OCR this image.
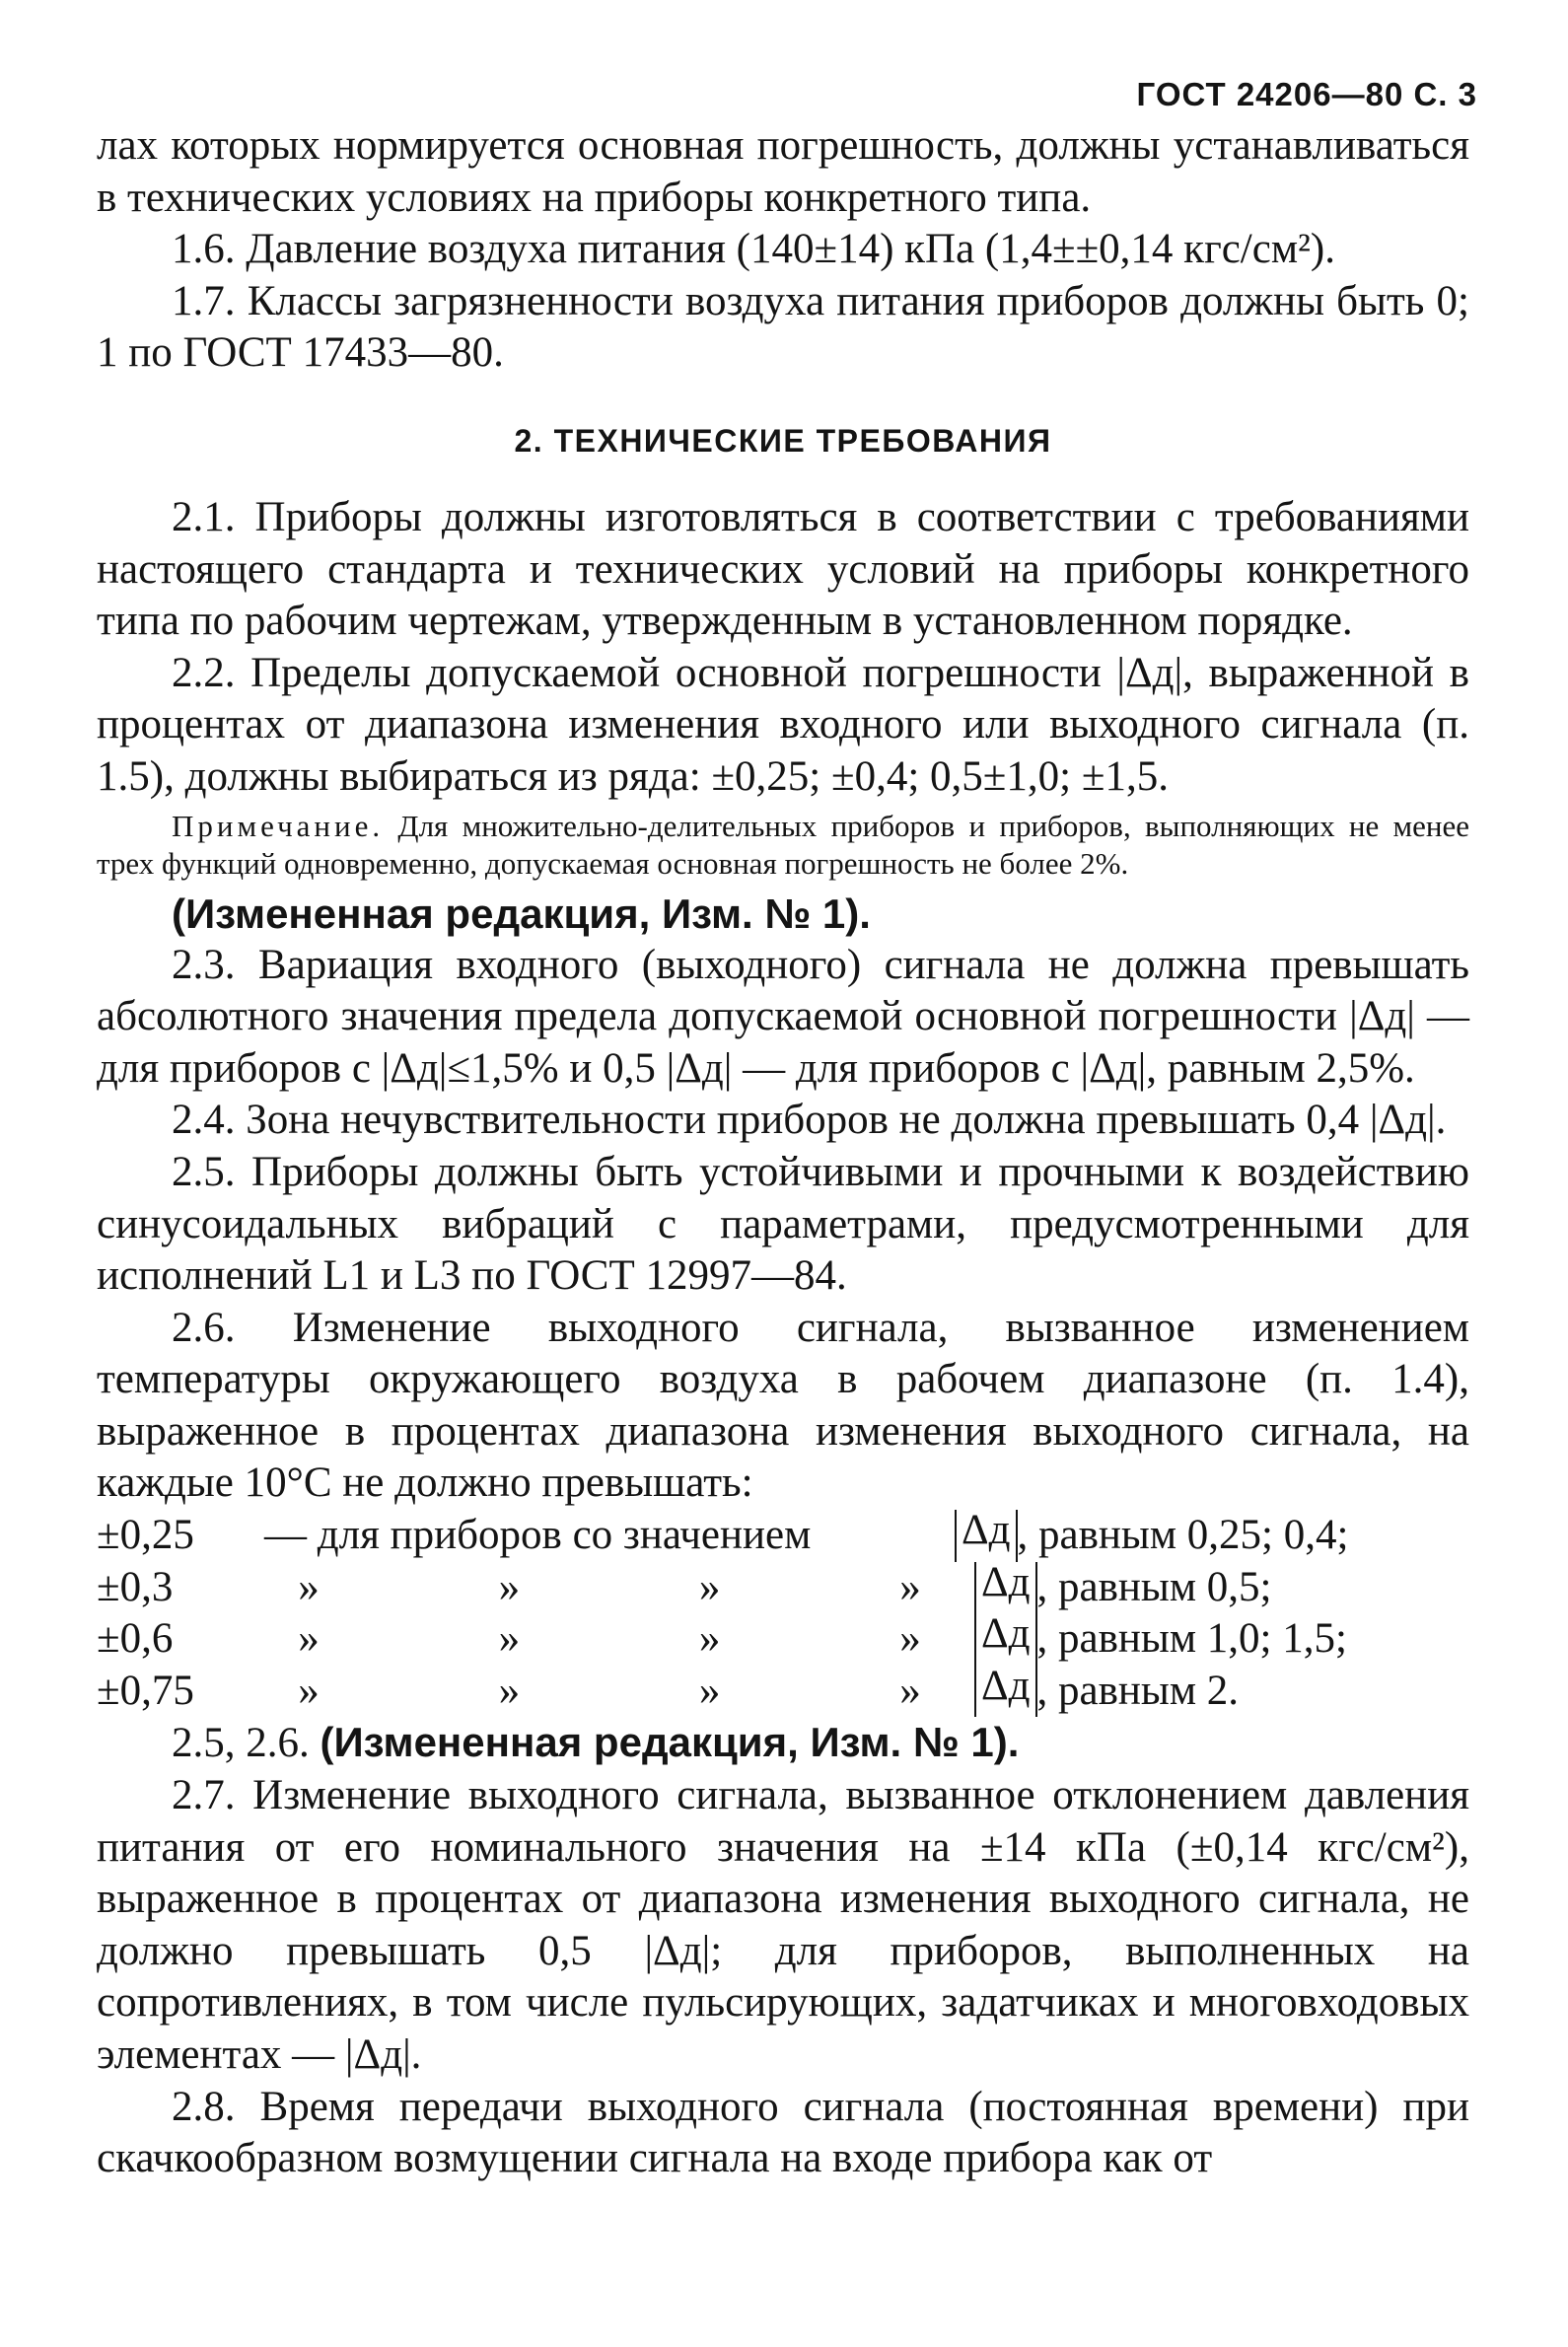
ГОСТ 24206—80 С. 3

лах которых нормируется основная погрешность, должны устанавливаться в технических условиях на приборы конкретного типа.

1.6. Давление воздуха питания (140±14) кПа (1,4±±0,14 кгс/см²).

1.7. Классы загрязненности воздуха питания приборов должны быть 0; 1 по ГОСТ 17433—80.

2. ТЕХНИЧЕСКИЕ ТРЕБОВАНИЯ

2.1. Приборы должны изготовляться в соответствии с требованиями настоящего стандарта и технических условий на приборы конкретного типа по рабочим чертежам, утвержденным в установленном порядке.

2.2. Пределы допускаемой основной погрешности |Δд|, выраженной в процентах от диапазона изменения входного или выходного сигнала (п. 1.5), должны выбираться из ряда: ±0,25; ±0,4; 0,5±1,0; ±1,5.

Примечание. Для множительно-делительных приборов и приборов, выполняющих не менее трех функций одновременно, допускаемая основная погрешность не более 2%.
(Измененная редакция, Изм. № 1).

2.3. Вариация входного (выходного) сигнала не должна превышать абсолютного значения предела допускаемой основной погрешности |Δд| — для приборов с |Δд|≤1,5% и 0,5 |Δд| — для приборов с |Δд|, равным 2,5%.

2.4. Зона нечувствительности приборов не должна превышать 0,4 |Δд|.

2.5. Приборы должны быть устойчивыми и прочными к воздействию синусоидальных вибраций с параметрами, предусмотренными для исполнений L1 и L3 по ГОСТ 12997—84.

2.6. Изменение выходного сигнала, вызванное изменением температуры окружающего воздуха в рабочем диапазоне (п. 1.4), выраженное в процентах диапазона изменения выходного сигнала, на каждые 10°С не должно превышать:

±0,25	— для приборов со значением	Δд , равным 0,25; 0,4;
±0,3	»	»	»	»	Δд , равным 0,5;
±0,6	»	»	»	»	Δд , равным 1,0; 1,5;
±0,75	»	»	»	»	Δд , равным 2.
2.5, 2.6. (Измененная редакция, Изм. № 1).

2.7. Изменение выходного сигнала, вызванное отклонением давления питания от его номинального значения на ±14 кПа (±0,14 кгс/см²), выраженное в процентах от диапазона изменения выходного сигнала, не должно превышать 0,5 |Δд|; для приборов, выполненных на сопротивлениях, в том числе пульсирующих, задатчиках и многовходовых элементах — |Δд|.

2.8. Время передачи выходного сигнала (постоянная времени) при скачкообразном возмущении сигнала на входе прибора как от
